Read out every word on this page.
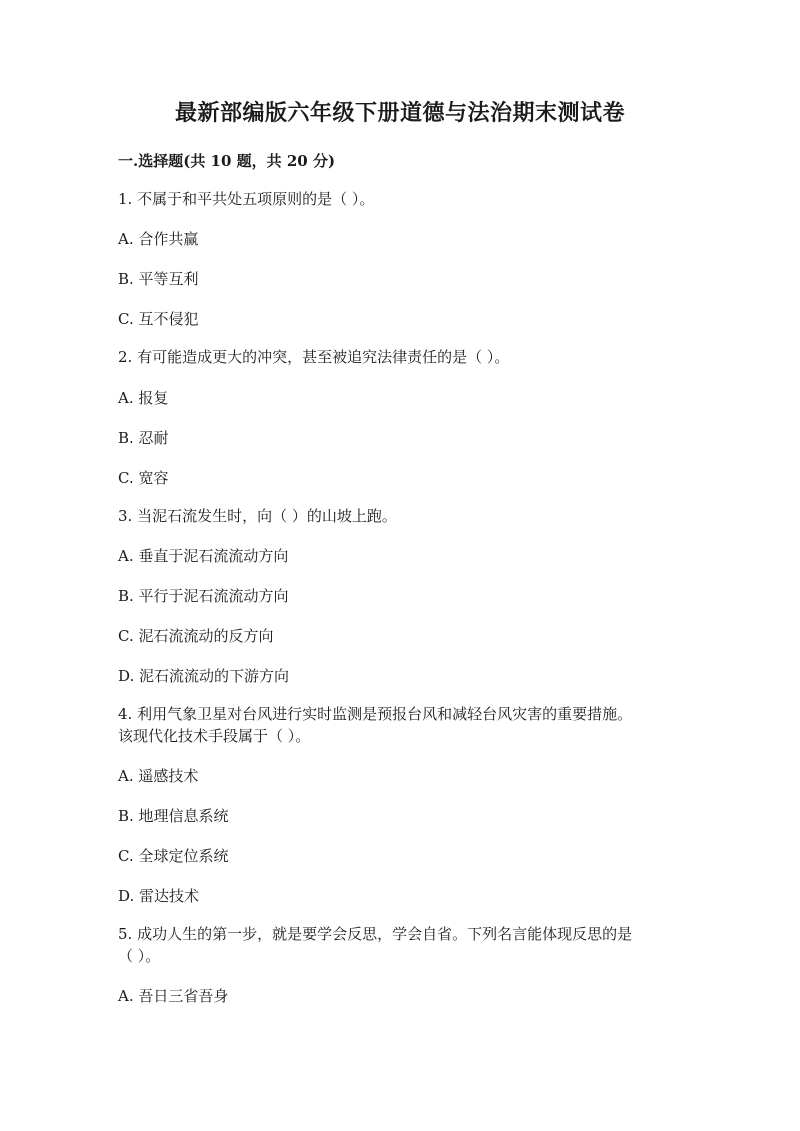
最新部编版六年级下册道德与法治期末测试卷
一.选择题(共 10 题，共 20 分)
1. 不属于和平共处五项原则的是（ ）。
A. 合作共赢
B. 平等互利
C. 互不侵犯
2. 有可能造成更大的冲突，甚至被追究法律责任的是（ ）。
A. 报复
B. 忍耐
C. 宽容
3. 当泥石流发生时，向（ ）的山坡上跑。
A. 垂直于泥石流流动方向
B. 平行于泥石流流动方向
C. 泥石流流动的反方向
D. 泥石流流动的下游方向
4. 利用气象卫星对台风进行实时监测是预报台风和减轻台风灾害的重要措施。
该现代化技术手段属于（ ）。
A. 遥感技术
B. 地理信息系统
C. 全球定位系统
D. 雷达技术
5. 成功人生的第一步，就是要学会反思，学会自省。下列名言能体现反思的是
（ ）。
A. 吾日三省吾身
